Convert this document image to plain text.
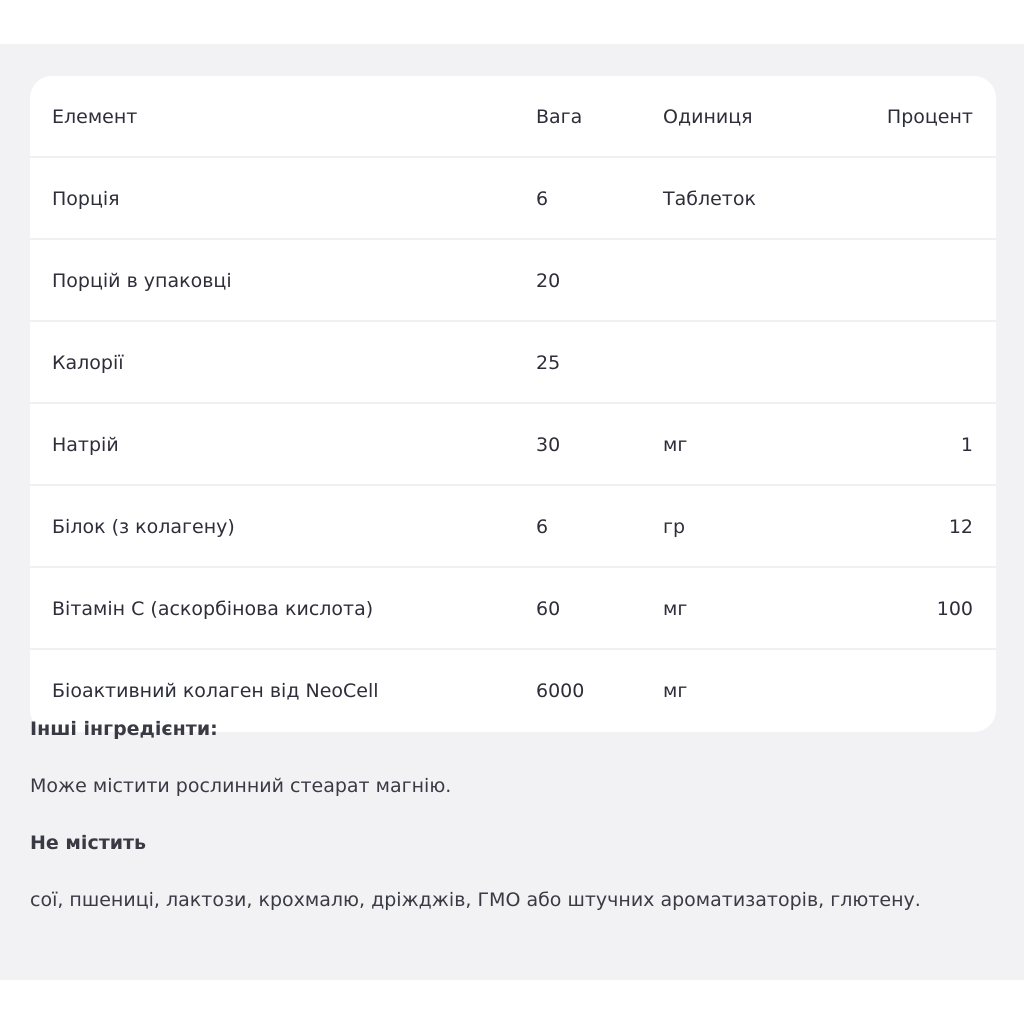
Елемент	Вага	Одиниця	Процент
Порція	6	Таблеток
Порцій в упаковці	20
Калорії	25
Натрій	30	мг	1
Білок (з колагену)	6	гр	12
Вітамін C (аскорбінова кислота)	60	мг	100
Біоактивний колаген від NeoCell	6000	мг
Інші інгредієнти:
Може містити рослинний стеарат магнію.
Не містить
сої, пшениці, лактози, крохмалю, дріжджів, ГМО або штучних ароматизаторів, глютену.
